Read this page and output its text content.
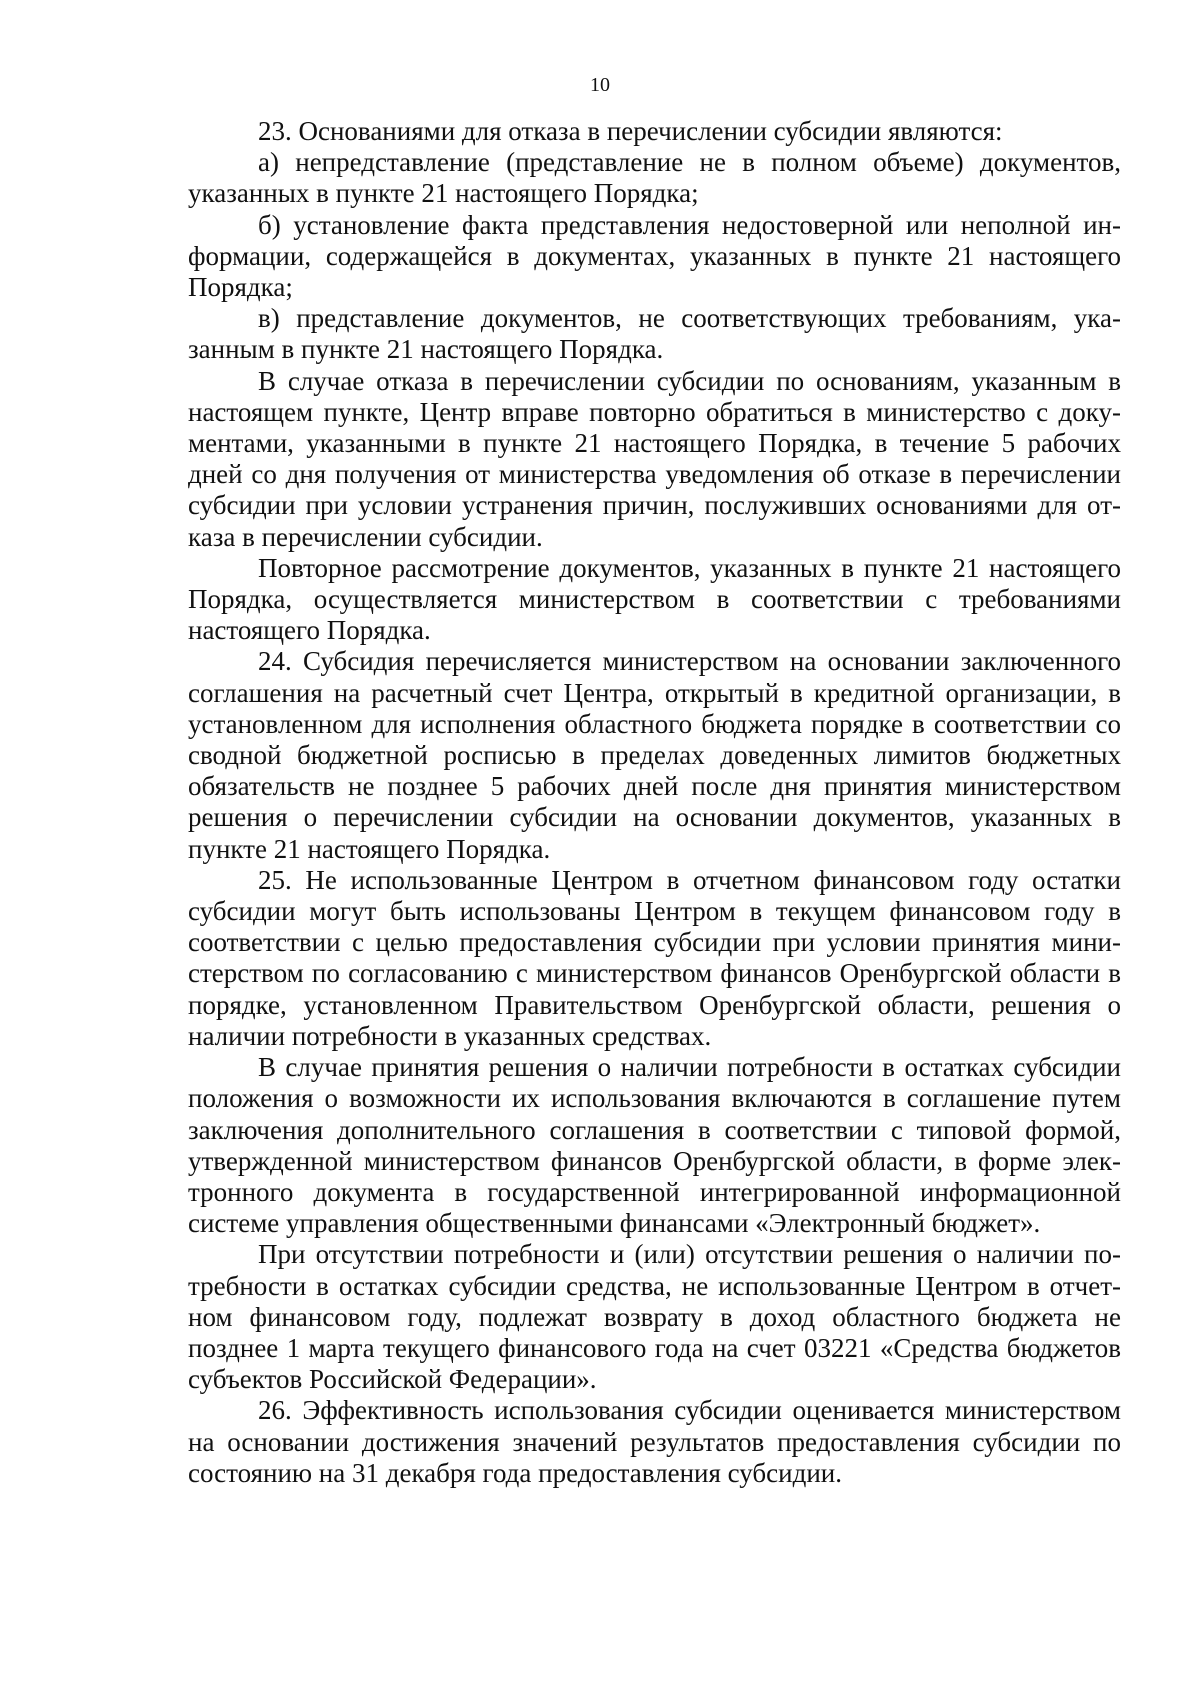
10

23. Основаниями для отказа в перечислении субсидии являются:

а) непредставление (представление не в полном объеме) документов, указанных в пункте 21 настоящего Порядка;

б) установление факта представления недостоверной или неполной информации, содержащейся в документах, указанных в пункте 21 настоящего Порядка;

в) представление документов, не соответствующих требованиям, указанным в пункте 21 настоящего Порядка.

В случае отказа в перечислении субсидии по основаниям, указанным в настоящем пункте, Центр вправе повторно обратиться в министерство с документами, указанными в пункте 21 настоящего Порядка, в течение 5 рабочих дней со дня получения от министерства уведомления об отказе в перечислении субсидии при условии устранения причин, послуживших основаниями для отказа в перечислении субсидии.

Повторное рассмотрение документов, указанных в пункте 21 настоящего Порядка, осуществляется министерством в соответствии с требованиями настоящего Порядка.

24. Субсидия перечисляется министерством на основании заключенного соглашения на расчетный счет Центра, открытый в кредитной организации, в установленном для исполнения областного бюджета порядке в соответствии со сводной бюджетной росписью в пределах доведенных лимитов бюджетных обязательств не позднее 5 рабочих дней после дня принятия министерством решения о перечислении субсидии на основании документов, указанных в пункте 21 настоящего Порядка.

25. Не использованные Центром в отчетном финансовом году остатки субсидии могут быть использованы Центром в текущем финансовом году в соответствии с целью предоставления субсидии при условии принятия министерством по согласованию с министерством финансов Оренбургской области в порядке, установленном Правительством Оренбургской области, решения о наличии потребности в указанных средствах.

В случае принятия решения о наличии потребности в остатках субсидии положения о возможности их использования включаются в соглашение путем заключения дополнительного соглашения в соответствии с типовой формой, утвержденной министерством финансов Оренбургской области, в форме электронного документа в государственной интегрированной информационной системе управления общественными финансами «Электронный бюджет».

При отсутствии потребности и (или) отсутствии решения о наличии потребности в остатках субсидии средства, не использованные Центром в отчетном финансовом году, подлежат возврату в доход областного бюджета не позднее 1 марта текущего финансового года на счет 03221 «Средства бюджетов субъектов Российской Федерации».

26. Эффективность использования субсидии оценивается министерством на основании достижения значений результатов предоставления субсидии по состоянию на 31 декабря года предоставления субсидии.
